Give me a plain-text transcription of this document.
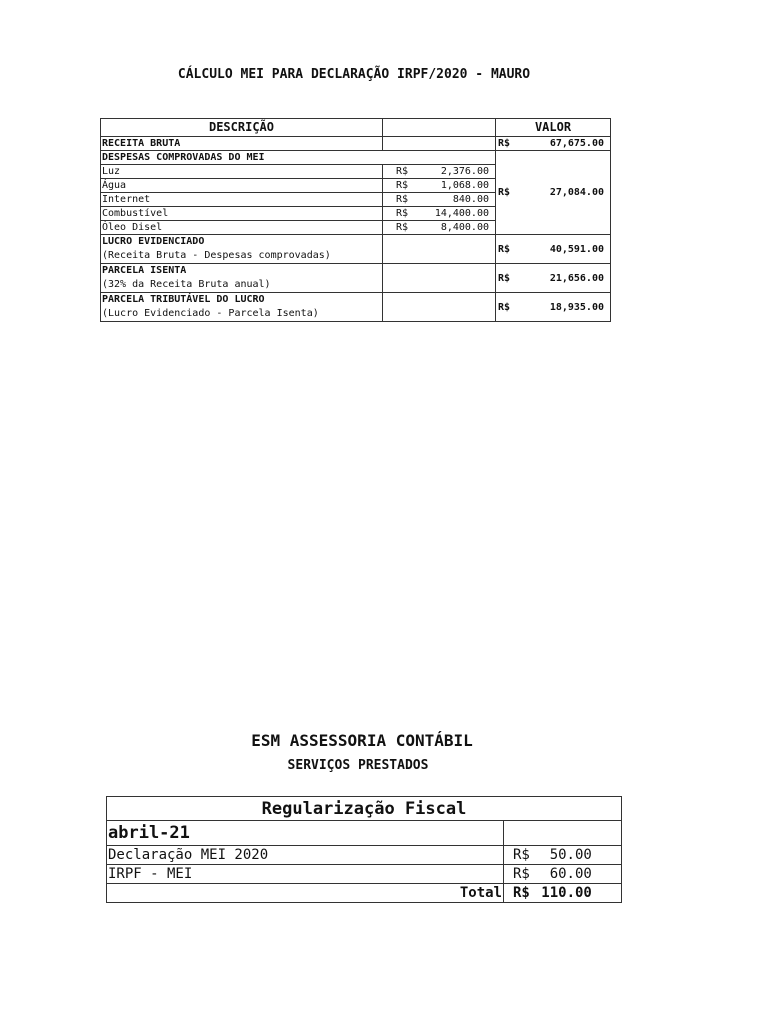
CÁLCULO MEI PARA DECLARAÇÃO IRPF/2020 - MAURO
DESCRIÇÃO		VALOR
RECEITA BRUTA		R$ 67,675.00
DESPESAS COMPROVADAS DO MEI		R$ 27,084.00
Luz	R$ 2,376.00	
Água	R$ 1,068.00	
Internet	R$ 840.00	
Combustível	R$ 14,400.00	
Óleo Disel	R$ 8,400.00	

LUCRO EVIDENCIADO
(Receita Bruta - Despesas comprovadas)		R$ 40,591.00

PARCELA ISENTA
(32% da Receita Bruta anual)		R$ 21,656.00

PARCELA TRIBUTÁVEL DO LUCRO
(Lucro Evidenciado - Parcela Isenta)		R$ 18,935.00
ESM ASSESSORIA CONTÁBIL
SERVIÇOS PRESTADOS
Regularização Fiscal	
abril-21	
Declaração MEI 2020	R$ 50.00
IRPF - MEI	R$ 60.00
Total	R$ 110.00
